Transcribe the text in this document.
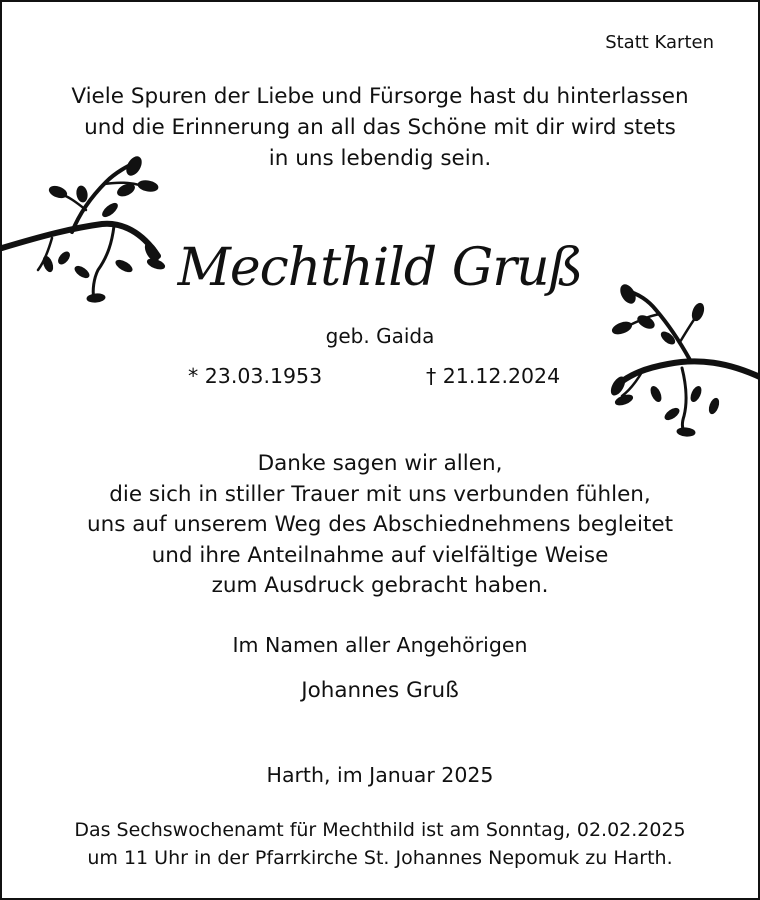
Statt Karten
Viele Spuren der Liebe und Fürsorge hast du hinterlassen
und die Erinnerung an all das Schöne mit dir wird stets
in uns lebendig sein.
Mechthild Gruß
geb. Gaida
* 23.03.1953	† 21.12.2024
Danke sagen wir allen,
die sich in stiller Trauer mit uns verbunden fühlen,
uns auf unserem Weg des Abschiednehmens begleitet
und ihre Anteilnahme auf vielfältige Weise
zum Ausdruck gebracht haben.
Im Namen aller Angehörigen
Johannes Gruß
Harth, im Januar 2025
Das Sechswochenamt für Mechthild ist am Sonntag, 02.02.2025
um 11 Uhr in der Pfarrkirche St. Johannes Nepomuk zu Harth.
